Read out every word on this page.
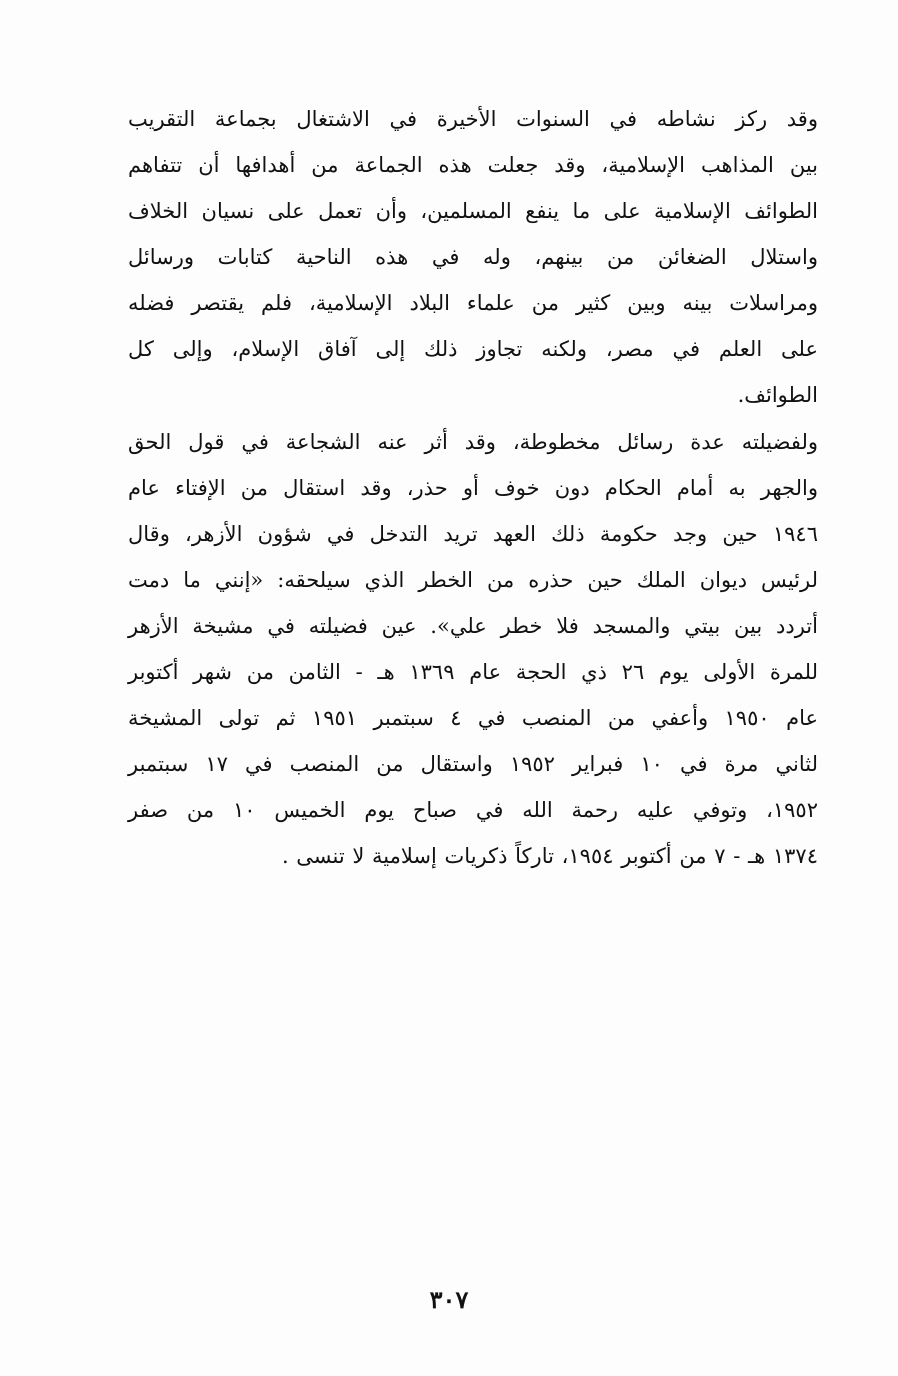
وقد ركز نشاطه في السنوات الأخيرة في الاشتغال بجماعة التقريب
بين المذاهب الإسلامية، وقد جعلت هذه الجماعة من أهدافها أن تتفاهم
الطوائف الإسلامية على ما ينفع المسلمين، وأن تعمل على نسيان الخلاف
واستلال الضغائن من بينهم، وله في هذه الناحية كتابات ورسائل
ومراسلات بينه وبين كثير من علماء البلاد الإسلامية، فلم يقتصر فضله
على العلم في مصر، ولكنه تجاوز ذلك إلى آفاق الإسلام، وإلى كل
الطوائف.
ولفضيلته عدة رسائل مخطوطة، وقد أثر عنه الشجاعة في قول الحق
والجهر به أمام الحكام دون خوف أو حذر، وقد استقال من الإفتاء عام
١٩٤٦ حين وجد حكومة ذلك العهد تريد التدخل في شؤون الأزهر، وقال
لرئيس ديوان الملك حين حذره من الخطر الذي سيلحقه: «إنني ما دمت
أتردد بين بيتي والمسجد فلا خطر علي». عين فضيلته في مشيخة الأزهر
للمرة الأولى يوم ٢٦ ذي الحجة عام ١٣٦٩ هـ - الثامن من شهر أكتوبر
عام ١٩٥٠ وأعفي من المنصب في ٤ سبتمبر ١٩٥١ ثم تولى المشيخة
لثاني مرة في ١٠ فبراير ١٩٥٢ واستقال من المنصب في ١٧ سبتمبر
١٩٥٢، وتوفي عليه رحمة الله في صباح يوم الخميس ١٠ من صفر
١٣٧٤ هـ - ٧ من أكتوبر ١٩٥٤، تاركاً ذكريات إسلامية لا تنسى .
٣٠٧
